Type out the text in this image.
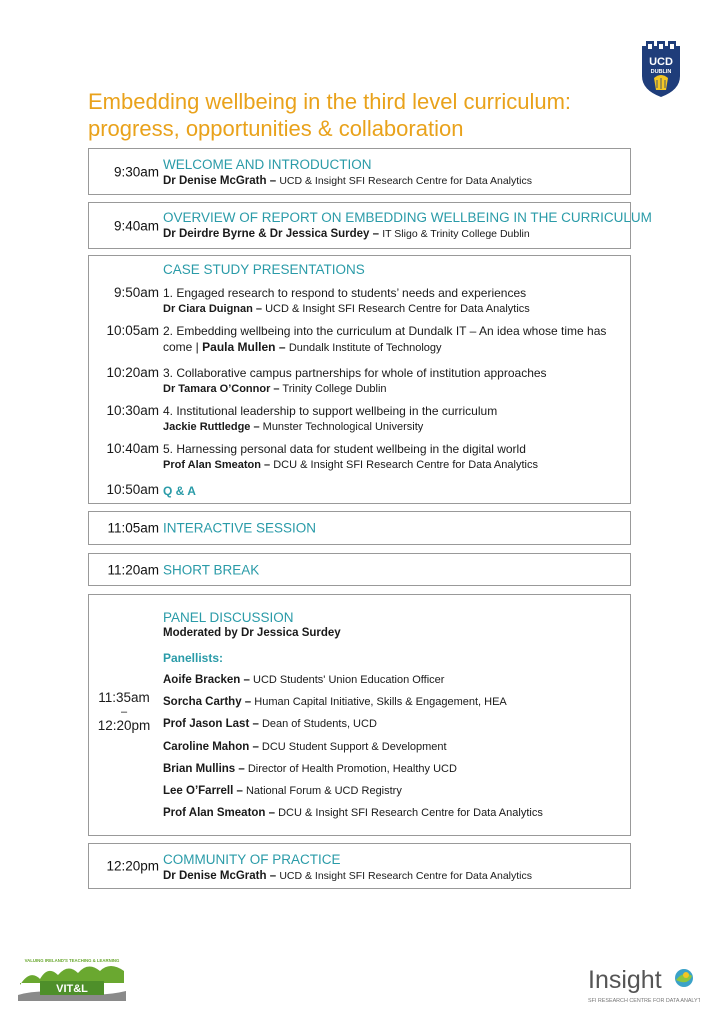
UCD
DUBLIN
Embedding wellbeing in the third level curriculum:
progress, opportunities & collaboration
9:30am WELCOME AND INTRODUCTION
Dr Denise McGrath – UCD & Insight SFI Research Centre for Data Analytics
9:40am
OVERVIEW OF REPORT ON EMBEDDING WELLBEING IN THE CURRICULUM
Dr Deirdre Byrne & Dr Jessica Surdey – IT Sligo & Trinity College Dublin
CASE STUDY PRESENTATIONS
9:50am 1. Engaged research to respond to students’ needs and experiences
Dr Ciara Duignan – UCD & Insight SFI Research Centre for Data Analytics
10:05am 2. Embedding wellbeing into the curriculum at Dundalk IT – An idea whose time has
come | Paula Mullen – Dundalk Institute of Technology
10:20am 3. Collaborative campus partnerships for whole of institution approaches
Dr Tamara O’Connor – Trinity College Dublin
10:30am 4. Institutional leadership to support wellbeing in the curriculum
Jackie Ruttledge – Munster Technological University
10:40am 5. Harnessing personal data for student wellbeing in the digital world
Prof Alan Smeaton – DCU & Insight SFI Research Centre for Data Analytics
10:50am Q & A
11:05am INTERACTIVE SESSION
11:20am SHORT BREAK
11:35am
–
12:20pm
PANEL DISCUSSION
Moderated by Dr Jessica Surdey
Panellists:
Aoife Bracken – UCD Students' Union Education Officer
Sorcha Carthy – Human Capital Initiative, Skills & Engagement, HEA
Prof Jason Last – Dean of Students, UCD
Caroline Mahon – DCU Student Support & Development
Brian Mullins – Director of Health Promotion, Healthy UCD
Lee O’Farrell – National Forum & UCD Registry
Prof Alan Smeaton – DCU & Insight SFI Research Centre for Data Analytics
12:20pm COMMUNITY OF PRACTICE
Dr Denise McGrath – UCD & Insight SFI Research Centre for Data Analytics
VALUING IRELAND'S TEACHING & LEARNING
VIT&L	Insight
SFI RESEARCH CENTRE FOR DATA ANALYTICS
